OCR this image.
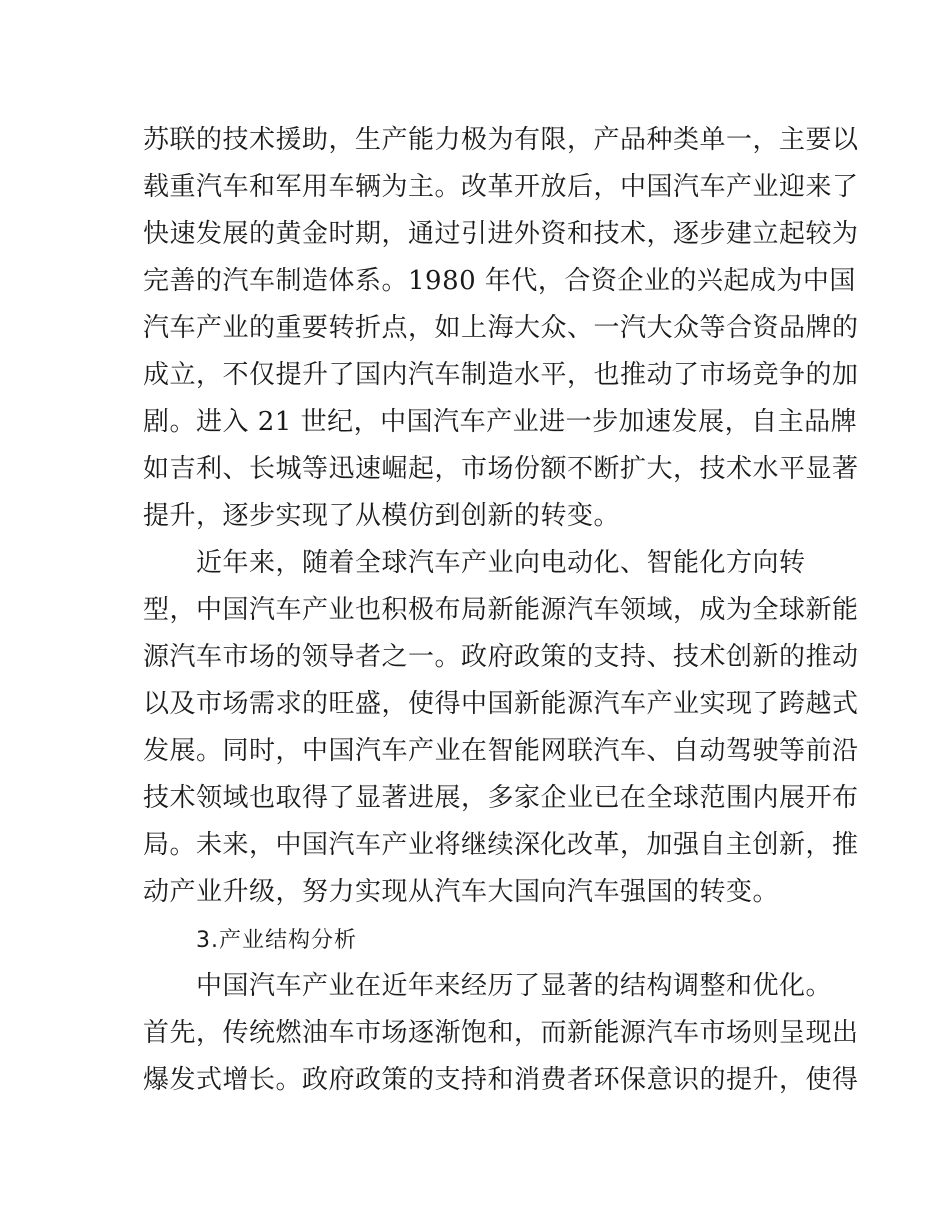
苏联的技术援助，生产能力极为有限，产品种类单一，主要以
载重汽车和军用车辆为主。改革开放后，中国汽车产业迎来了
快速发展的黄金时期，通过引进外资和技术，逐步建立起较为
完善的汽车制造体系。1980 年代，合资企业的兴起成为中国
汽车产业的重要转折点，如上海大众、一汽大众等合资品牌的
成立，不仅提升了国内汽车制造水平，也推动了市场竞争的加
剧。进入 21 世纪，中国汽车产业进一步加速发展，自主品牌
如吉利、长城等迅速崛起，市场份额不断扩大，技术水平显著
提升，逐步实现了从模仿到创新的转变。
近年来，随着全球汽车产业向电动化、智能化方向转
型，中国汽车产业也积极布局新能源汽车领域，成为全球新能
源汽车市场的领导者之一。政府政策的支持、技术创新的推动
以及市场需求的旺盛，使得中国新能源汽车产业实现了跨越式
发展。同时，中国汽车产业在智能网联汽车、自动驾驶等前沿
技术领域也取得了显著进展，多家企业已在全球范围内展开布
局。未来，中国汽车产业将继续深化改革，加强自主创新，推
动产业升级，努力实现从汽车大国向汽车强国的转变。
3.产业结构分析
中国汽车产业在近年来经历了显著的结构调整和优化。
首先，传统燃油车市场逐渐饱和，而新能源汽车市场则呈现出
爆发式增长。政府政策的支持和消费者环保意识的提升，使得
